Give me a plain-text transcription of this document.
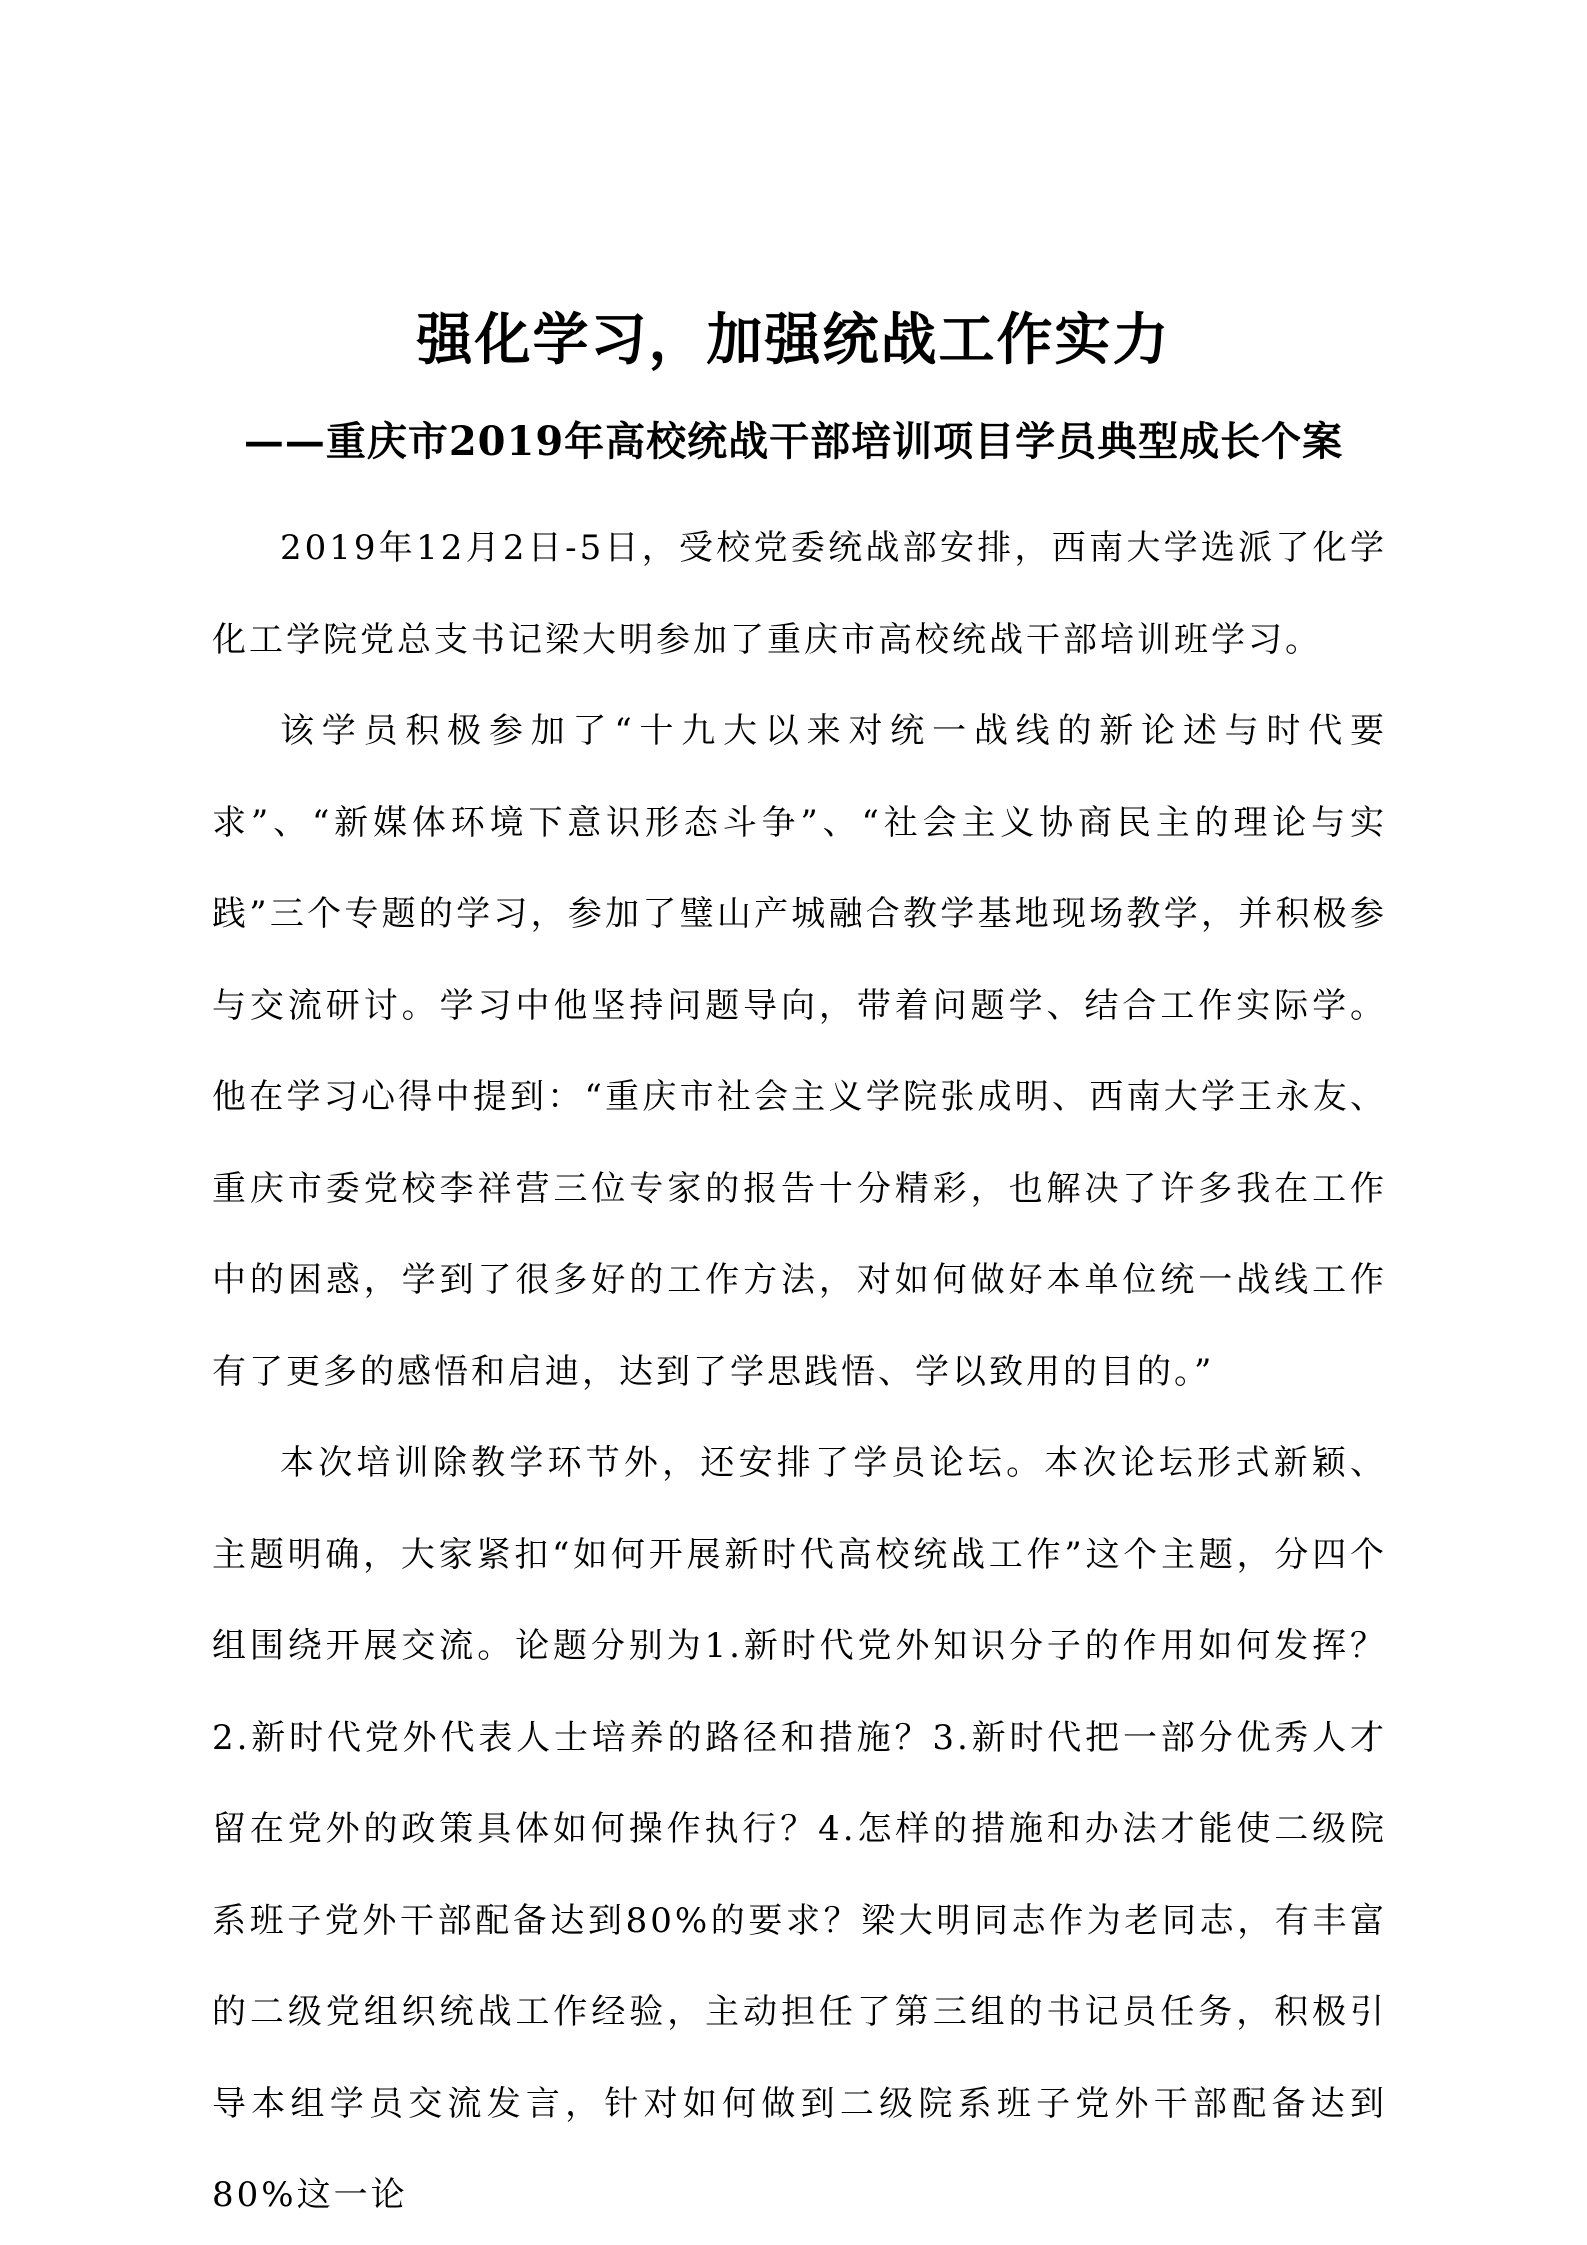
强化学习，加强统战工作实力
——重庆市2019年高校统战干部培训项目学员典型成长个案

2019年12月2日-5日，受校党委统战部安排，西南大学选派了化学化工学院党总支书记梁大明参加了重庆市高校统战干部培训班学习。

该学员积极参加了“十九大以来对统一战线的新论述与时代要求”、“新媒体环境下意识形态斗争”、“社会主义协商民主的理论与实践”三个专题的学习，参加了璧山产城融合教学基地现场教学，并积极参与交流研讨。学习中他坚持问题导向，带着问题学、结合工作实际学。他在学习心得中提到：“重庆市社会主义学院张成明、西南大学王永友、重庆市委党校李祥营三位专家的报告十分精彩，也解决了许多我在工作中的困惑，学到了很多好的工作方法，对如何做好本单位统一战线工作有了更多的感悟和启迪，达到了学思践悟、学以致用的目的。”

本次培训除教学环节外，还安排了学员论坛。本次论坛形式新颖、主题明确，大家紧扣“如何开展新时代高校统战工作”这个主题，分四个组围绕开展交流。论题分别为1.新时代党外知识分子的作用如何发挥？2.新时代党外代表人士培养的路径和措施？3.新时代把一部分优秀人才留在党外的政策具体如何操作执行？4.怎样的措施和办法才能使二级院系班子党外干部配备达到80%的要求？梁大明同志作为老同志，有丰富的二级党组织统战工作经验，主动担任了第三组的书记员任务，积极引导本组学员交流发言，针对如何做到二级院系班子党外干部配备达到80%这一论
